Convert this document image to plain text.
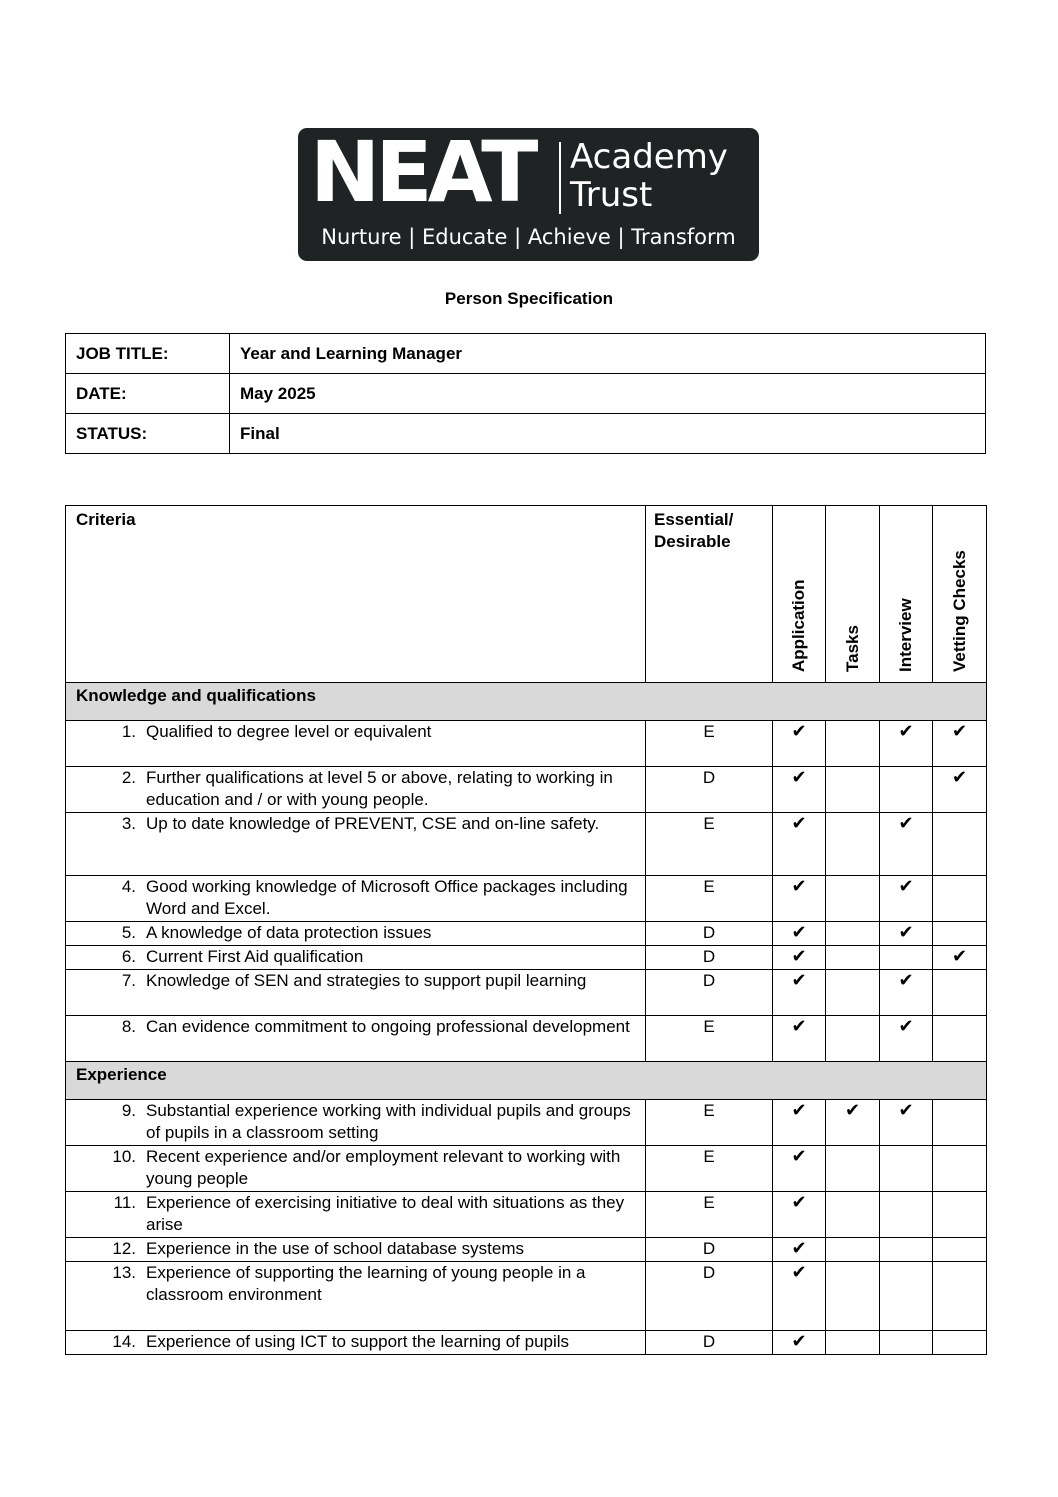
NEAT Academy
Trust
Nurture | Educate | Achieve | Transform
Person Specification
JOB TITLE:	Year and Learning Manager
DATE:	May 2025
STATUS:	Final
Criteria	Essential/ Desirable	Application	Tasks	Interview	Vetting Checks

Knowledge and qualifications					
1. Qualified to degree level or equivalent	E	✔		✔	✔
2. Further qualifications at level 5 or above, relating to working in education and / or with young people.	D	✔			✔
3. Up to date knowledge of PREVENT, CSE and on-line safety.	E	✔		✔	
4. Good working knowledge of Microsoft Office packages including Word and Excel.	E	✔		✔	
5. A knowledge of data protection issues	D	✔		✔	
6. Current First Aid qualification	D	✔			✔
7. Knowledge of SEN and strategies to support pupil learning	D	✔		✔	
8. Can evidence commitment to ongoing professional development	E	✔		✔	
Experience					
9. Substantial experience working with individual pupils and groups of pupils in a classroom setting	E	✔	✔	✔	
10. Recent experience and/or employment relevant to working with young people	E	✔			
11. Experience of exercising initiative to deal with situations as they arise	E	✔			
12. Experience in the use of school database systems	D	✔			
13. Experience of supporting the learning of young people in a classroom environment	D	✔			
14. Experience of using ICT to support the learning of pupils	D	✔			
